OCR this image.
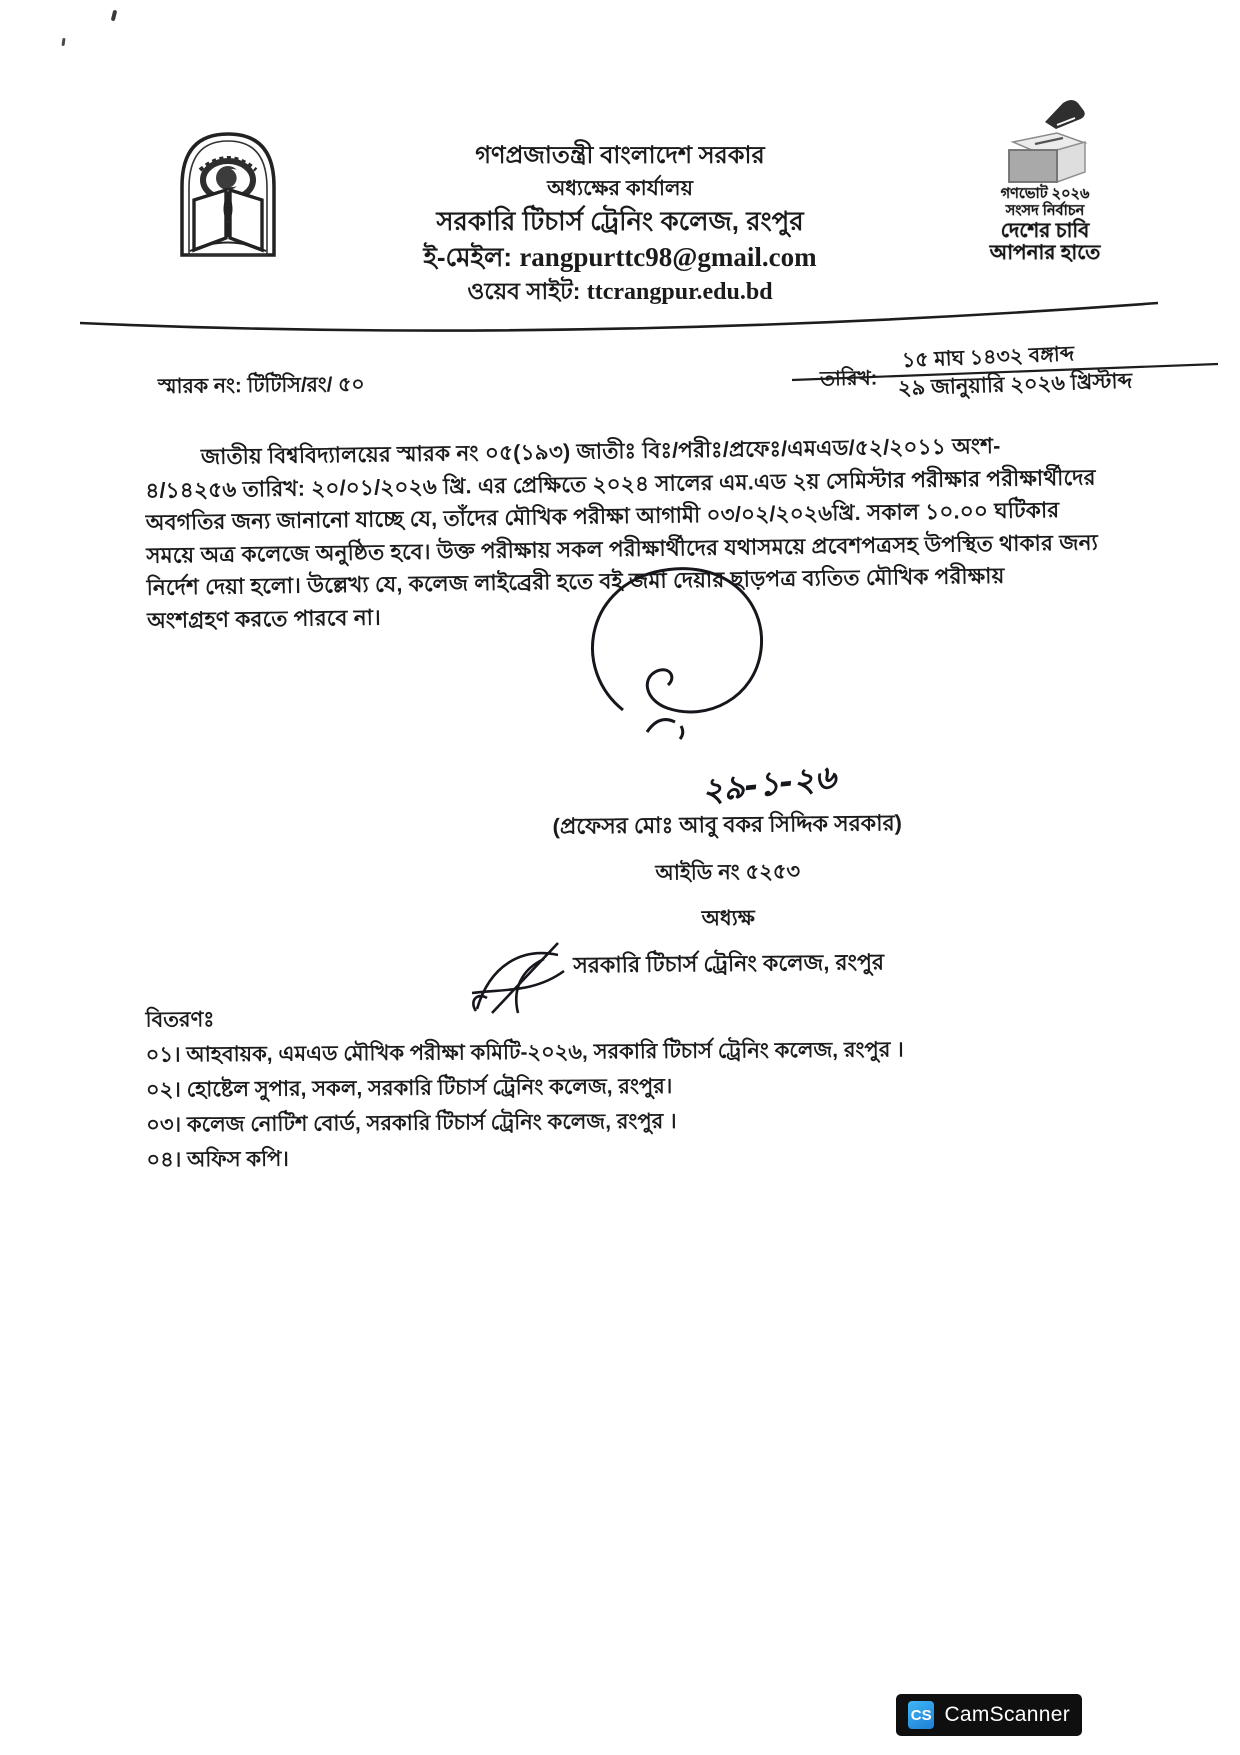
গণপ্রজাতন্ত্রী বাংলাদেশ সরকার
অধ্যক্ষের কার্যালয়
সরকারি টিচার্স ট্রেনিং কলেজ, রংপুর
ই-মেইল: rangpurttc98@gmail.com
ওয়েব সাইট: ttcrangpur.edu.bd
গণভোট ২০২৬
সংসদ নির্বাচন
দেশের চাবি
আপনার হাতে
স্মারক নং: টিটিসি/রং/ ৫০	তারিখ:
১৫ মাঘ ১৪৩২ বঙ্গাব্দ
২৯ জানুয়ারি ২০২৬ খ্রিস্টাব্দ
জাতীয় বিশ্ববিদ্যালয়ের স্মারক নং ০৫(১৯৩) জাতীঃ বিঃ/পরীঃ/প্রফেঃ/এমএড/৫২/২০১১ অংশ-
৪/১৪২৫৬ তারিখ: ২০/০১/২০২৬ খ্রি. এর প্রেক্ষিতে ২০২৪ সালের এম.এড ২য় সেমিস্টার পরীক্ষার পরীক্ষার্থীদের
অবগতির জন্য জানানো যাচ্ছে যে, তাঁদের মৌখিক পরীক্ষা আগামী ০৩/০২/২০২৬খ্রি. সকাল ১০.০০ ঘটিকার
সময়ে অত্র কলেজে অনুষ্ঠিত হবে। উক্ত পরীক্ষায় সকল পরীক্ষার্থীদের যথাসময়ে প্রবেশপত্রসহ উপস্থিত থাকার জন্য
নির্দেশ দেয়া হলো। উল্লেখ্য যে, কলেজ লাইব্রেরী হতে বই জমা দেয়ার ছাড়পত্র ব্যতিত মৌখিক পরীক্ষায়
অংশগ্রহণ করতে পারবে না।
২৯-১-২৬
(প্রফেসর মোঃ আবু বকর সিদ্দিক সরকার)
আইডি নং ৫২৫৩
অধ্যক্ষ
সরকারি টিচার্স ট্রেনিং কলেজ, রংপুর
বিতরণঃ
০১। আহবায়ক, এমএড মৌখিক পরীক্ষা কমিটি-২০২৬, সরকারি টিচার্স ট্রেনিং কলেজ, রংপুর ।
০২। হোষ্টেল সুপার, সকল, সরকারি টিচার্স ট্রেনিং কলেজ, রংপুর।
০৩। কলেজ নোটিশ বোর্ড, সরকারি টিচার্স ট্রেনিং কলেজ, রংপুর ।
০৪। অফিস কপি।
CS CamScanner
